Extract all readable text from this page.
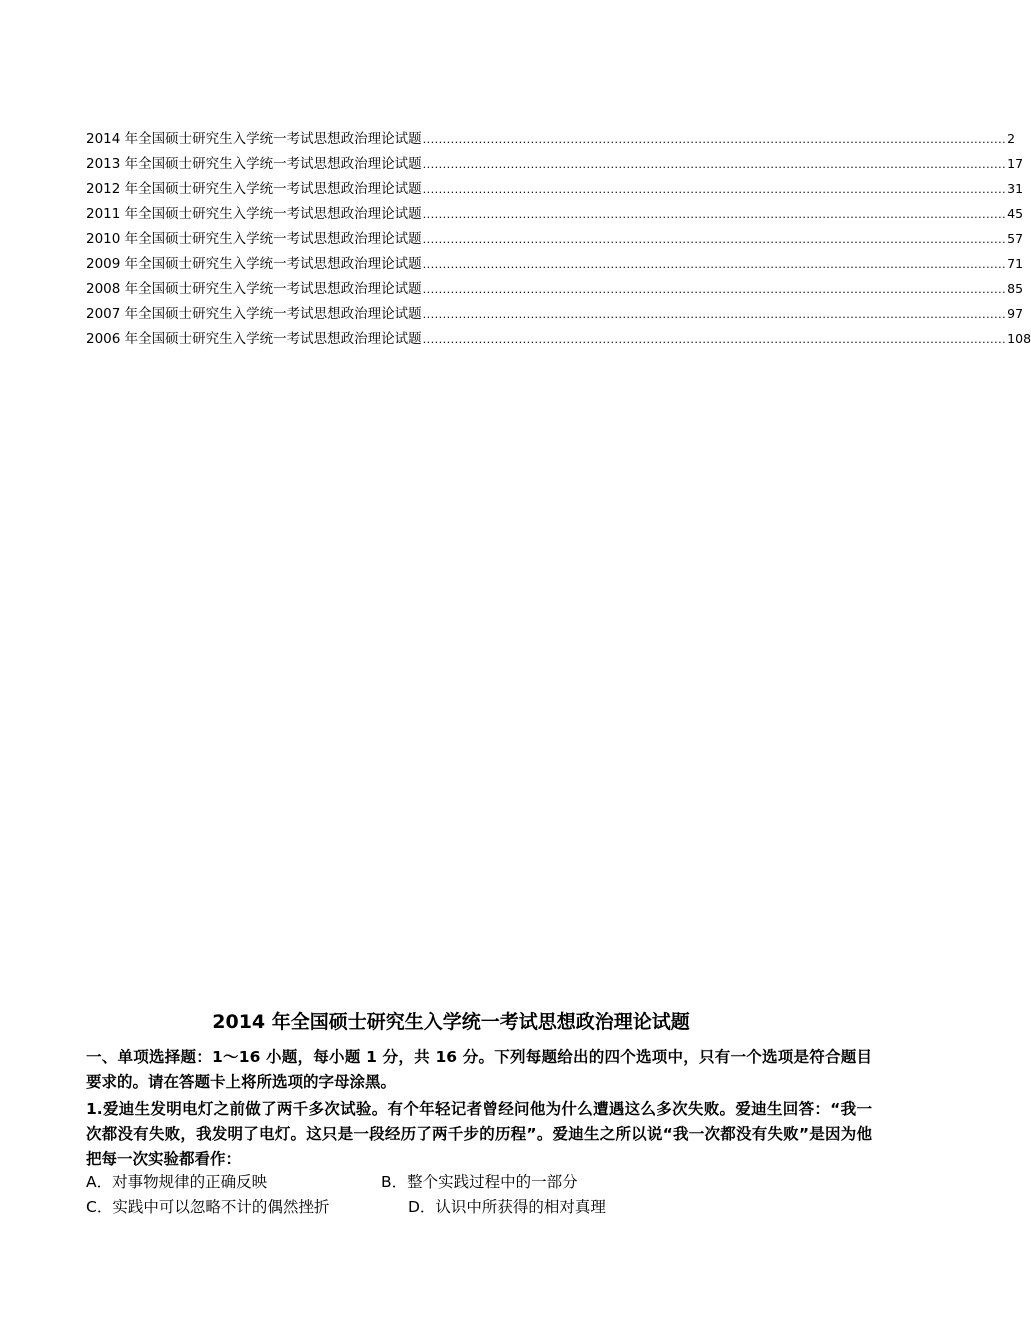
2014 年全国硕士研究生入学统一考试思想政治理论试题 .................................................................................................................................................. 2
2013 年全国硕士研究生入学统一考试思想政治理论试题 .................................................................................................................................................. 17
2012 年全国硕士研究生入学统一考试思想政治理论试题 .................................................................................................................................................. 31
2011 年全国硕士研究生入学统一考试思想政治理论试题 .................................................................................................................................................. 45
2010 年全国硕士研究生入学统一考试思想政治理论试题 .................................................................................................................................................. 57
2009 年全国硕士研究生入学统一考试思想政治理论试题 .................................................................................................................................................. 71
2008 年全国硕士研究生入学统一考试思想政治理论试题 .................................................................................................................................................. 85
2007 年全国硕士研究生入学统一考试思想政治理论试题 .................................................................................................................................................. 97
2006 年全国硕士研究生入学统一考试思想政治理论试题 .................................................................................................................................................. 108
2014 年全国硕士研究生入学统一考试思想政治理论试题
一、单项选择题：1～16 小题，每小题 1 分，共 16 分。下列每题给出的四个选项中，只有一个选项是符合题目要求的。请在答题卡上将所选项的字母涂黑。
1.爱迪生发明电灯之前做了两千多次试验。有个年轻记者曾经问他为什么遭遇这么多次失败。爱迪生回答：“我一次都没有失败，我发明了电灯。这只是一段经历了两千步的历程”。爱迪生之所以说“我一次都没有失败”是因为他把每一次实验都看作：
A．对事物规律的正确反映	B．整个实践过程中的一部分
C．实践中可以忽略不计的偶然挫折	D．认识中所获得的相对真理
